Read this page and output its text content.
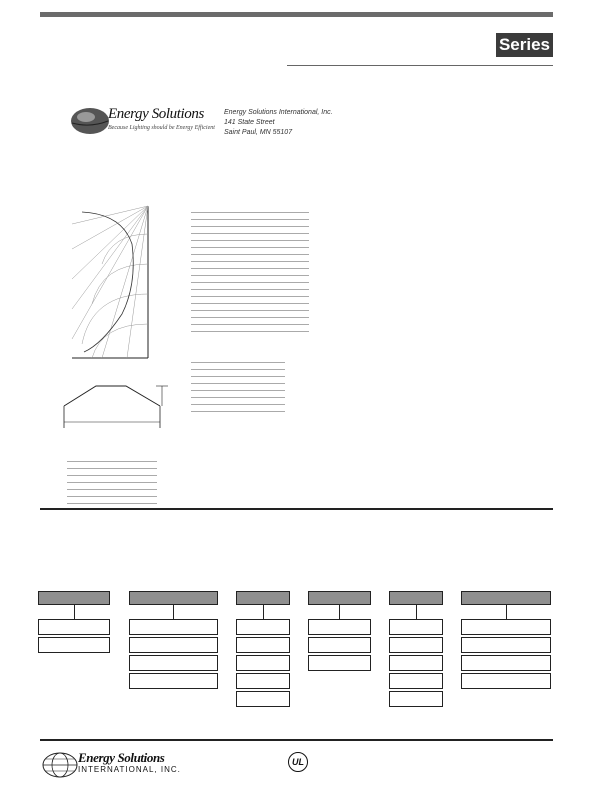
Series
Energy Solutions
Because Lighting should be Energy Efficient
Energy Solutions International, Inc.
141 State Street
Saint Paul, MN 55107

Energy Solutions
INTERNATIONAL, INC.
UL
